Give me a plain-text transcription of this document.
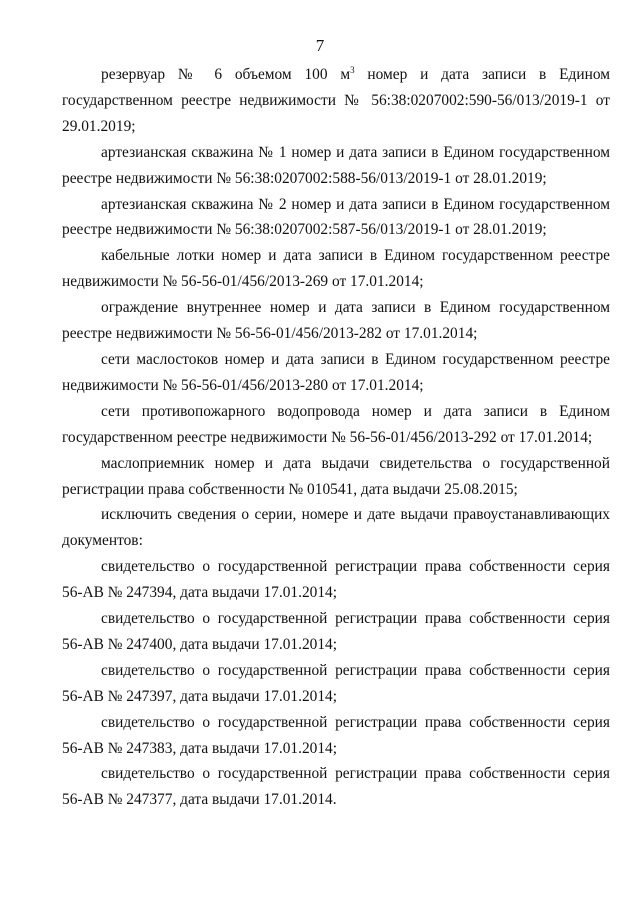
7

резервуар № 6 объемом 100 $м^3$ номер и дата записи в Едином государственном реестре недвижимости № 56:38:0207002:590-56/013/2019-1 от 29.01.2019;

артезианская скважина № 1 номер и дата записи в Едином государственном реестре недвижимости № 56:38:0207002:588-56/013/2019-1 от 28.01.2019;

артезианская скважина № 2 номер и дата записи в Едином государственном реестре недвижимости № 56:38:0207002:587-56/013/2019-1 от 28.01.2019;

кабельные лотки номер и дата записи в Едином государственном реестре недвижимости № 56-56-01/456/2013-269 от 17.01.2014;

ограждение внутреннее номер и дата записи в Едином государственном реестре недвижимости № 56-56-01/456/2013-282 от 17.01.2014;

сети маслостоков номер и дата записи в Едином государственном реестре недвижимости № 56-56-01/456/2013-280 от 17.01.2014;

сети противопожарного водопровода номер и дата записи в Едином государственном реестре недвижимости № 56-56-01/456/2013-292 от 17.01.2014;

маслоприемник номер и дата выдачи свидетельства о государственной регистрации права собственности № 010541, дата выдачи 25.08.2015;

исключить сведения о серии, номере и дате выдачи правоустанавливающих документов:

свидетельство о государственной регистрации права собственности серия 56-АВ № 247394, дата выдачи 17.01.2014;

свидетельство о государственной регистрации права собственности серия 56-АВ № 247400, дата выдачи 17.01.2014;

свидетельство о государственной регистрации права собственности серия 56-АВ № 247397, дата выдачи 17.01.2014;

свидетельство о государственной регистрации права собственности серия 56-АВ № 247383, дата выдачи 17.01.2014;

свидетельство о государственной регистрации права собственности серия 56-АВ № 247377, дата выдачи 17.01.2014.
